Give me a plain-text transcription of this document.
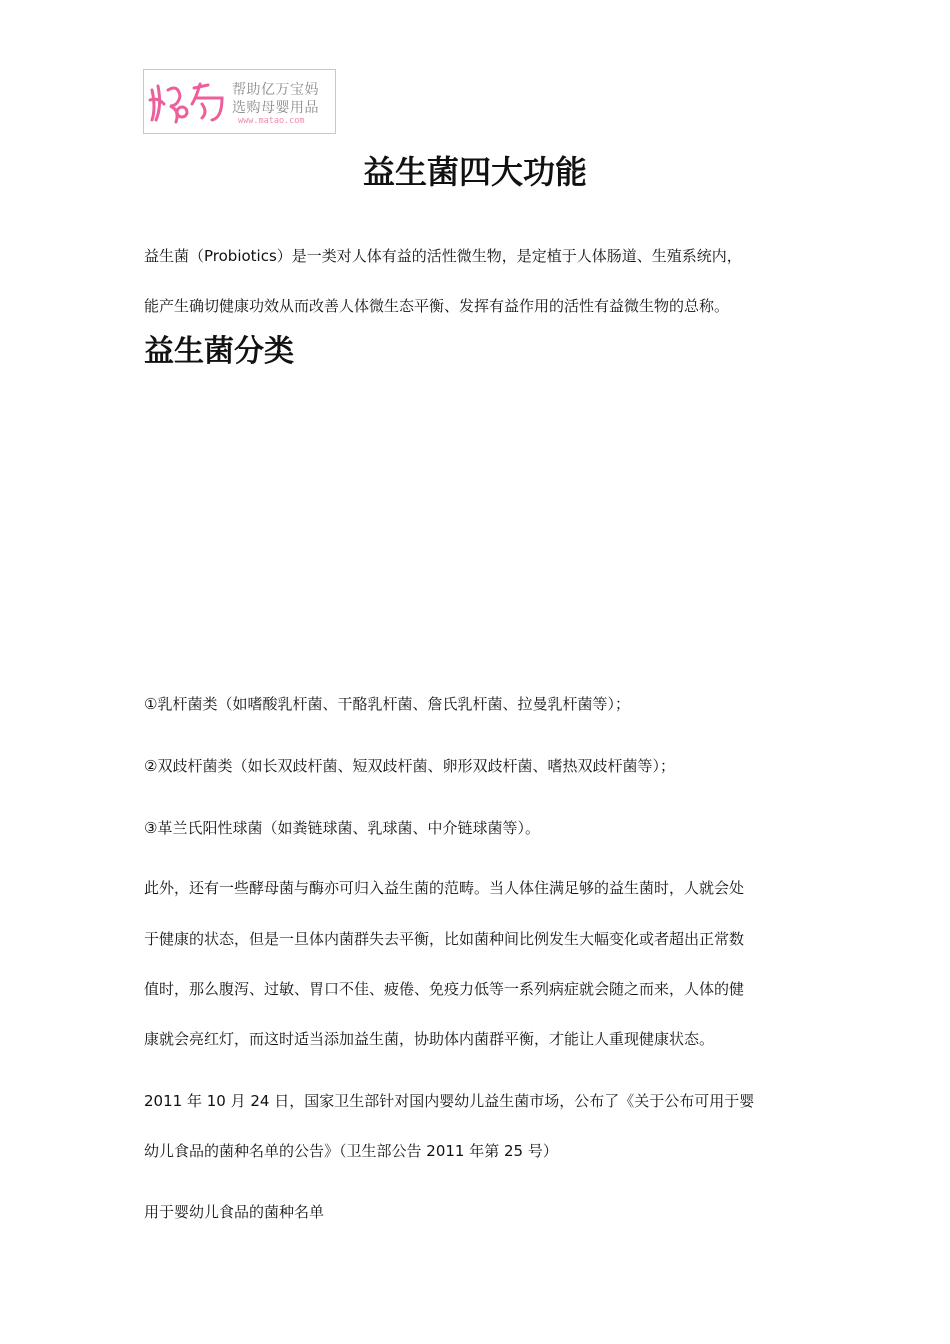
帮助亿万宝妈
选购母婴用品
www.matao.com
益生菌四大功能

益生菌（Probiotics）是一类对人体有益的活性微生物，是定植于人体肠道、生殖系统内，

能产生确切健康功效从而改善人体微生态平衡、发挥有益作用的活性有益微生物的总称。

益生菌分类

①乳杆菌类（如嗜酸乳杆菌、干酪乳杆菌、詹氏乳杆菌、拉曼乳杆菌等）；

②双歧杆菌类（如长双歧杆菌、短双歧杆菌、卵形双歧杆菌、嗜热双歧杆菌等）；

③革兰氏阳性球菌（如粪链球菌、乳球菌、中介链球菌等）。

此外，还有一些酵母菌与酶亦可归入益生菌的范畴。当人体住满足够的益生菌时，人就会处

于健康的状态，但是一旦体内菌群失去平衡，比如菌种间比例发生大幅变化或者超出正常数

值时，那么腹泻、过敏、胃口不佳、疲倦、免疫力低等一系列病症就会随之而来，人体的健

康就会亮红灯，而这时适当添加益生菌，协助体内菌群平衡，才能让人重现健康状态。

2011 年 10 月 24 日，国家卫生部针对国内婴幼儿益生菌市场，公布了《关于公布可用于婴

幼儿食品的菌种名单的公告》（卫生部公告 2011 年第 25 号）

用于婴幼儿食品的菌种名单
